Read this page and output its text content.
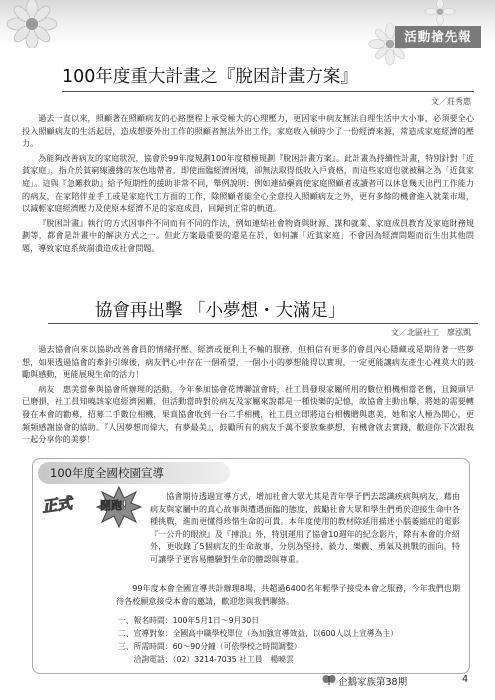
活動搶先報
100年度重大計畫之『脫困計畫方案』
文／莊秀惠

過去一直以來，照顧著在照顧病友的心路歷程上承受極大的心理壓力，更因家中病友無法自理生活中大小事，必須要全心投入照顧病友的生活起居，造成想要外出工作的照顧者無法外出工作，家庭收入頓時少了一份經濟來源，常造成家庭經濟的壓力。

為能夠改善病友的家庭狀況，協會於99年度規劃100年度積極規劃『脫困計畫方案』。此計畫為持續性計畫，特別針對「近貧家庭」，指介於貧窮線邊緣的灰色地帶者，即使面臨經濟困境，卻無法取得低收入戶資格，而這些家庭也就被稱之為「近貧家庭」。這與『急難救助』給予短期性的援助非常不同，舉例說明：例如連結藥商使家庭照顧者或讀者可以休息幾天出門工作能力的病友，在家陪伴並手工或是家庭代工方面的工作，除照顧者能全心全意投入照顧病友之外，更有多餘的機會進入就業市場，以減輕家庭經濟壓力及使原本經濟不足的家庭成員，回歸到正常的軌道。

『脫困計畫』執行的方式因事件不同而有不同的作法，例如連結社會物資與財源、謀和就業、家庭成員教育及家庭財務規劃等，都會是計畫中的解決方式之一。但此方案最重要的還是在於，如何讓「近貧家庭」不會因為經濟問題而衍生出其他問題，導致家庭系統崩潰造成社會問題。

協會再出擊 「小夢想・大滿足」
文／北區社工　廖泓凱

過去協會向來以協助改善會員的情緒抒壓、經濟或便利上不輸的服務，但相信有更多的會員內心隱藏或是期待著一些夢想，如果透過協會的牽針引線後，病友們心中存在一個希望，一個小小的夢想能得以實現，一定更能讓病友產生心裡莫大的鼓勵與感動，更能展現生命的活力！

病友　惠美當參與協會所辦理的活動，今年參加協會花博聯誼會時，社工員發現家屬所用的數位相機相當老舊，且鏡頭早已磨損，社工員知曉該家庭經濟困難，但活動當時對於病友及家屬來說都是一種快樂的記憶，故協會主動出擊，將她的需要轉發在本會的勸募，招募二手數位相機，果真協會收到一台二手相機，社工員立即將這台相機贈與惠美，她和家人極為開心，更頻頻感謝協會的協助。『人因夢想而偉大，有夢最美』，鼓勵所有的病友千萬不要放棄夢想，有機會就去實踐，歡迎你下次跟我一起分享你的美夢！

100年度全國校園宣導
正式 開跑!

協會期待透過宣導方式，增加社會大眾尤其是青年學子們去認識疾病與病友，藉由病友與家屬中的真心故事與遭遇面臨的態度，鼓勵社會大眾和學生們勇於迎接生命中各種挑戰，進而更懂得珍惜生命的可貴。本年度使用的教材除延用描述小腦萎縮症的電影『一公升的眼淚』及『搏浪』外，特別運用了協會10週年的紀念影片，除有本會的介紹外，更收錄了5個病友的生命故事，分別為堅持、毅力、樂觀、勇氣及挑戰的面向，特可讓學子更容易體驗對生命的體認與尊重。

99年度本會全國宣導共計辦理8場，共超過6400名年輕學子接受本會之服務，今年我們也期待各校願意接受本會的邀請，歡迎您與我們聯絡。

一、報名時間：100年5月1日～9月30日
二、宣導對象：全國高中職學校單位（為加強宣導效益，以600人以上宣導為主）
三、所需時間：60～90分鐘（可依學校之時間調整）
　　洽詢電話：（02）3214-7035 社工員　楊曉雲
企鵝家族第38期	4
